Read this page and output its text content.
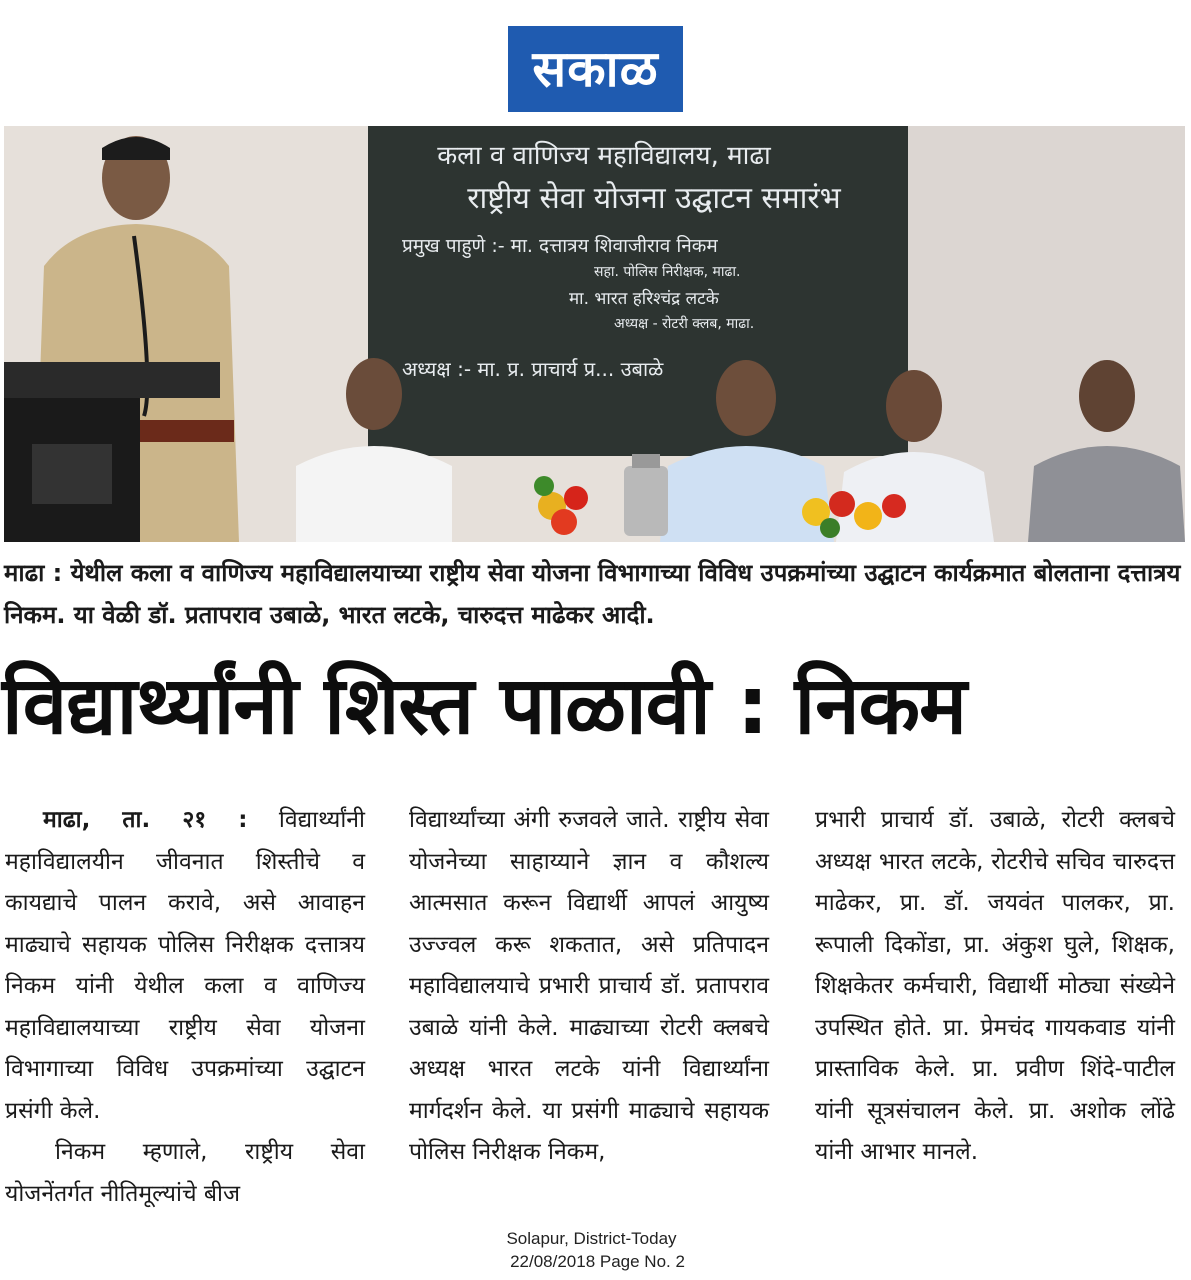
सकाळ
कला व वाणिज्य महाविद्यालय, माढा
राष्ट्रीय सेवा योजना उद्घाटन समारंभ
प्रमुख पाहुणे :- मा. दत्तात्रय शिवाजीराव निकम
सहा. पोलिस निरीक्षक, माढा.
मा. भारत हरिश्चंद्र लटके
अध्यक्ष - रोटरी क्लब, माढा.
अध्यक्ष :- मा. प्र. प्राचार्य प्र... उबाळे
माढा : येथील कला व वाणिज्य महाविद्यालयाच्या राष्ट्रीय सेवा योजना विभागाच्या विविध उपक्रमांच्या उद्घाटन कार्यक्रमात बोलताना दत्तात्रय निकम. या वेळी डॉ. प्रतापराव उबाळे, भारत लटके, चारुदत्त माढेकर आदी.
विद्यार्थ्यांनी शिस्त पाळावी : निकम

माढा, ता. २१ : विद्यार्थ्यांनी महाविद्यालयीन जीवनात शिस्तीचे व कायद्याचे पालन करावे, असे आवाहन माढ्याचे सहायक पोलिस निरीक्षक दत्तात्रय निकम यांनी येथील कला व वाणिज्य महाविद्यालयाच्या राष्ट्रीय सेवा योजना विभागाच्या विविध उपक्रमांच्या उद्घाटन प्रसंगी केले.

निकम म्हणाले, राष्ट्रीय सेवा योजनेंतर्गत नीतिमूल्यांचे बीज

विद्यार्थ्यांच्या अंगी रुजवले जाते. राष्ट्रीय सेवा योजनेच्या साहाय्याने ज्ञान व कौशल्य आत्मसात करून विद्यार्थी आपलं आयुष्य उज्ज्वल करू शकतात, असे प्रतिपादन महाविद्यालयाचे प्रभारी प्राचार्य डॉ. प्रतापराव उबाळे यांनी केले. माढ्याच्या रोटरी क्लबचे अध्यक्ष भारत लटके यांनी विद्यार्थ्यांना मार्गदर्शन केले. या प्रसंगी माढ्याचे सहायक पोलिस निरीक्षक निकम,

प्रभारी प्राचार्य डॉ. उबाळे, रोटरी क्लबचे अध्यक्ष भारत लटके, रोटरीचे सचिव चारुदत्त माढेकर, प्रा. डॉ. जयवंत पालकर, प्रा. रूपाली दिकोंडा, प्रा. अंकुश घुले, शिक्षक, शिक्षकेतर कर्मचारी, विद्यार्थी मोठ्या संख्येने उपस्थित होते. प्रा. प्रेमचंद गायकवाड यांनी प्रास्ताविक केले. प्रा. प्रवीण शिंदे-पाटील यांनी सूत्रसंचालन केले. प्रा. अशोक लोंढे यांनी आभार मानले.

Solapur, District-Today
22/08/2018 Page No. 2
